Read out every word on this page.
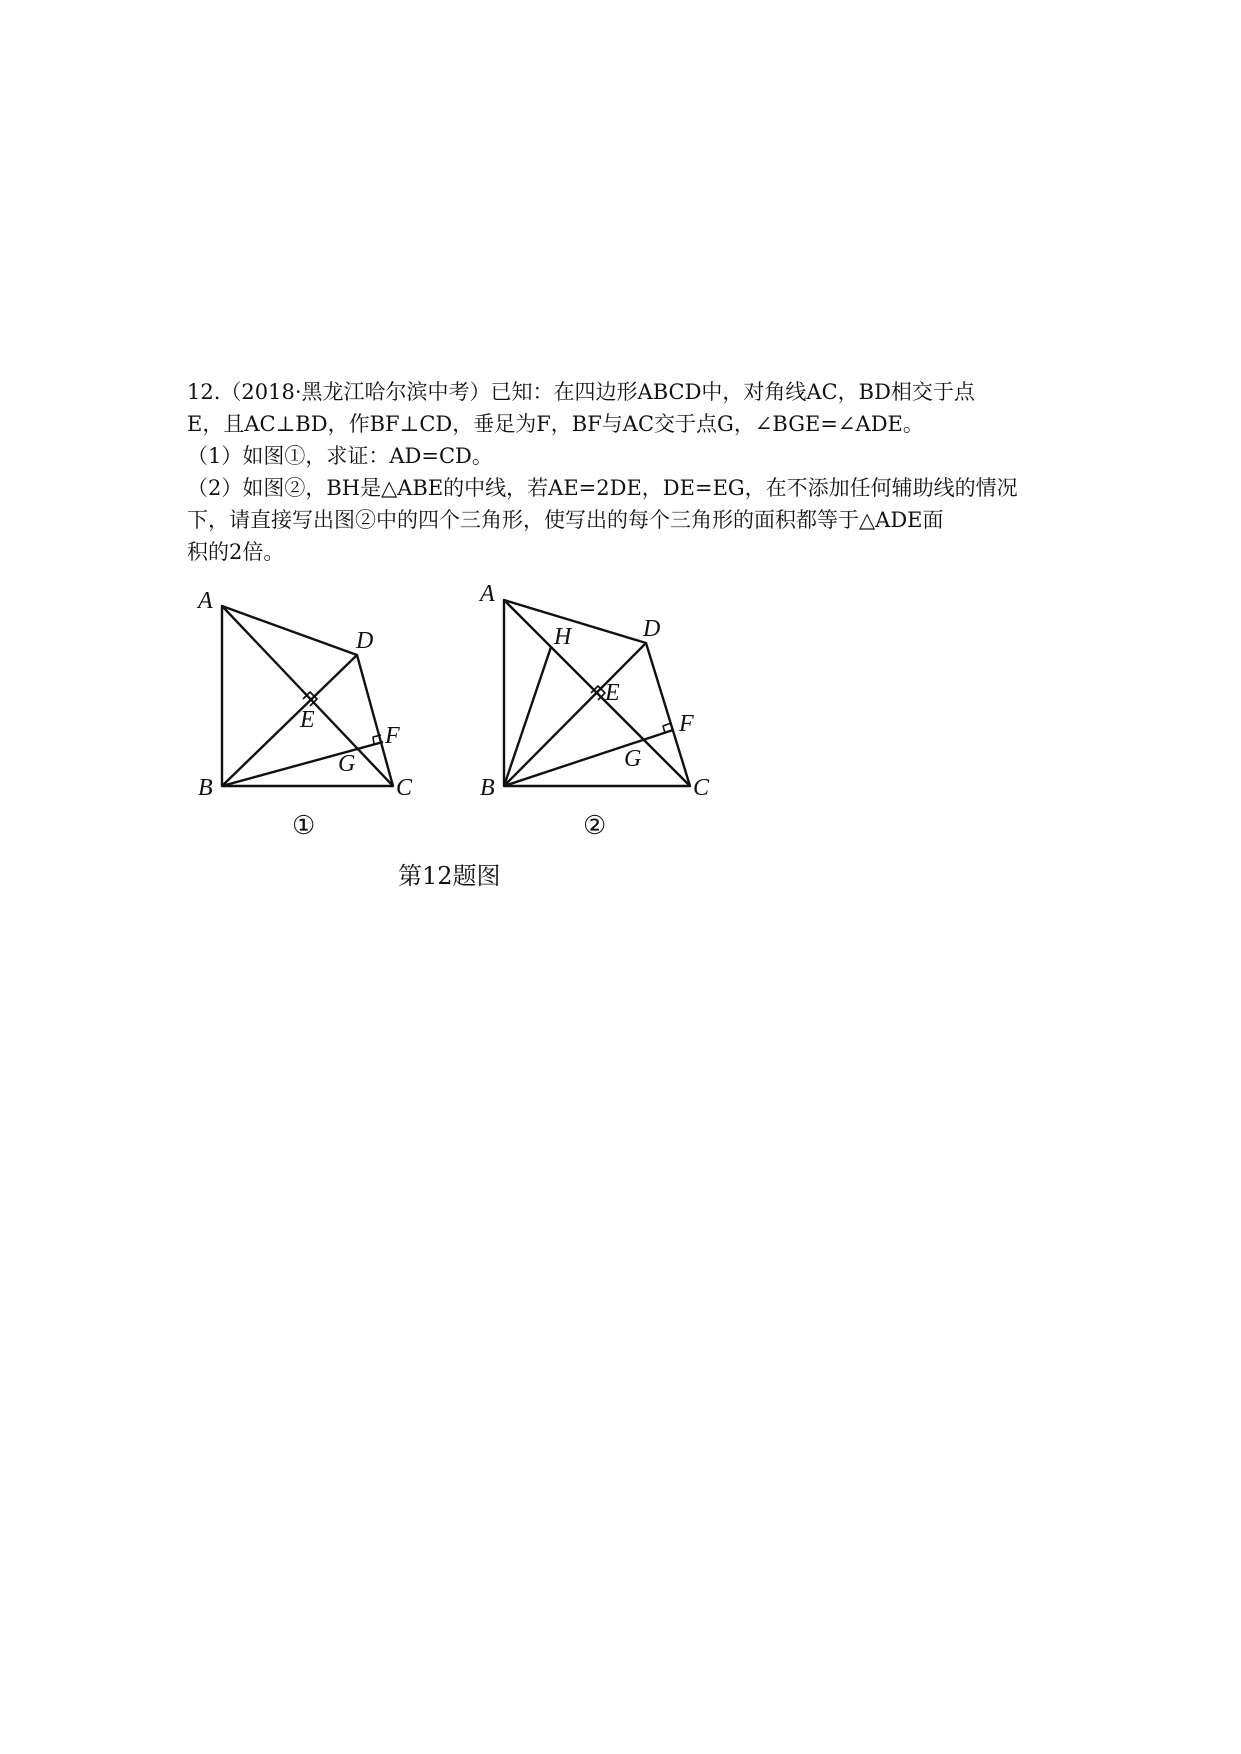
12.（2018·黑龙江哈尔滨中考）已知：在四边形ABCD中，对角线AC，BD相交于点

E，且AC⊥BD，作BF⊥CD，垂足为F，BF与AC交于点G，∠BGE=∠ADE。

（1）如图①，求证：AD=CD。

（2）如图②，BH是△ABE的中线，若AE=2DE，DE=EG，在不添加任何辅助线的情况

下，请直接写出图②中的四个三角形，使写出的每个三角形的面积都等于△ADE面

积的2倍。

A
D
E
F
G
B	C
①
A
H	D
E
F
G
B	C
②
第12题图
